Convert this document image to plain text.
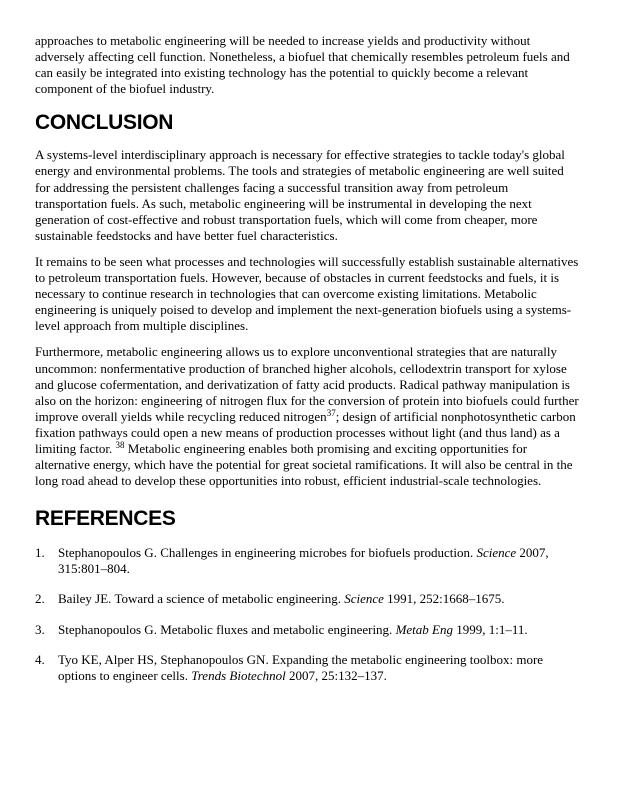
approaches to metabolic engineering will be needed to increase yields and productivity without adversely affecting cell function. Nonetheless, a biofuel that chemically resembles petroleum fuels and can easily be integrated into existing technology has the potential to quickly become a relevant component of the biofuel industry.

CONCLUSION

A systems-level interdisciplinary approach is necessary for effective strategies to tackle today's global energy and environmental problems. The tools and strategies of metabolic engineering are well suited for addressing the persistent challenges facing a successful transition away from petroleum transportation fuels. As such, metabolic engineering will be instrumental in developing the next generation of cost-effective and robust transportation fuels, which will come from cheaper, more sustainable feedstocks and have better fuel characteristics.

It remains to be seen what processes and technologies will successfully establish sustainable alternatives to petroleum transportation fuels. However, because of obstacles in current feedstocks and fuels, it is necessary to continue research in technologies that can overcome existing limitations. Metabolic engineering is uniquely poised to develop and implement the next-generation biofuels using a systems-level approach from multiple disciplines.

Furthermore, metabolic engineering allows us to explore unconventional strategies that are naturally uncommon: nonfermentative production of branched higher alcohols, cellodextrin transport for xylose and glucose cofermentation, and derivatization of fatty acid products. Radical pathway manipulation is also on the horizon: engineering of nitrogen flux for the conversion of protein into biofuels could further improve overall yields while recycling reduced nitrogen$^{37}$; design of artificial nonphotosynthetic carbon fixation pathways could open a new means of production processes without light (and thus land) as a limiting factor. $^{38}$ Metabolic engineering enables both promising and exciting opportunities for alternative energy, which have the potential for great societal ramifications. It will also be central in the long road ahead to develop these opportunities into robust, efficient industrial-scale technologies.

REFERENCES
1.	Stephanopoulos G. Challenges in engineering microbes for biofuels production. Science 2007, 315:801–804.
2.	Bailey JE. Toward a science of metabolic engineering. Science 1991, 252:1668–1675.
3.	Stephanopoulos G. Metabolic fluxes and metabolic engineering. Metab Eng 1999, 1:1–11.
4.	Tyo KE, Alper HS, Stephanopoulos GN. Expanding the metabolic engineering toolbox: more options to engineer cells. Trends Biotechnol 2007, 25:132–137.
